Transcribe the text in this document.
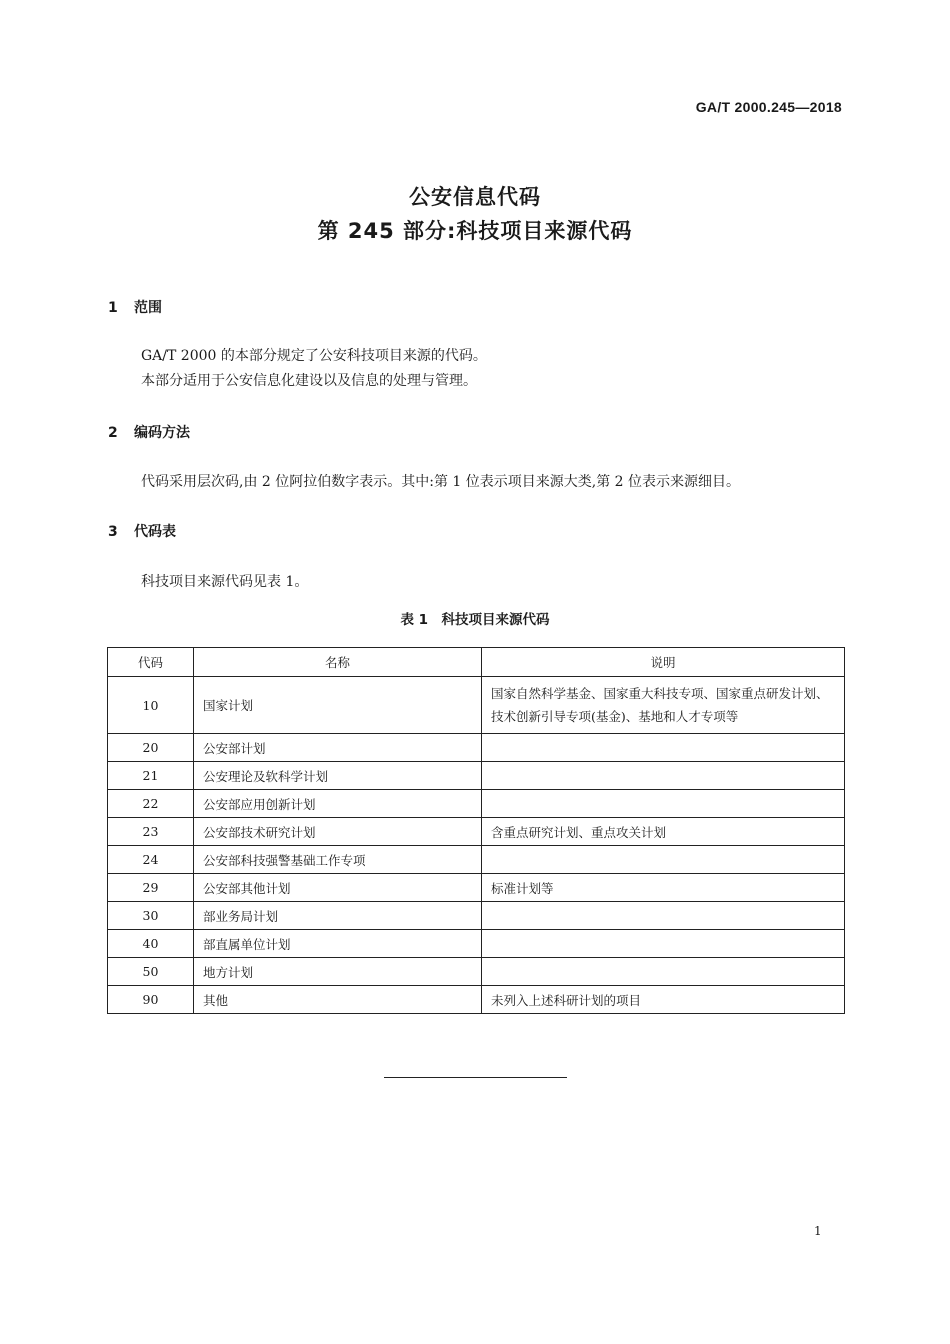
GA/T 2000.245—2018
公安信息代码
第 245 部分:科技项目来源代码
1 范围
GA/T 2000 的本部分规定了公安科技项目来源的代码。
本部分适用于公安信息化建设以及信息的处理与管理。
2 编码方法
代码采用层次码,由 2 位阿拉伯数字表示。其中:第 1 位表示项目来源大类,第 2 位表示来源细目。
3 代码表
科技项目来源代码见表 1。
表 1　科技项目来源代码
代码	名称	说明
10	国家计划	国家自然科学基金、国家重大科技专项、国家重点研发计划、技术创新引导专项(基金)、基地和人才专项等
20	公安部计划	
21	公安理论及软科学计划	
22	公安部应用创新计划	
23	公安部技术研究计划	含重点研究计划、重点攻关计划
24	公安部科技强警基础工作专项	
29	公安部其他计划	标准计划等
30	部业务局计划	
40	部直属单位计划	
50	地方计划	
90	其他	未列入上述科研计划的项目
1
